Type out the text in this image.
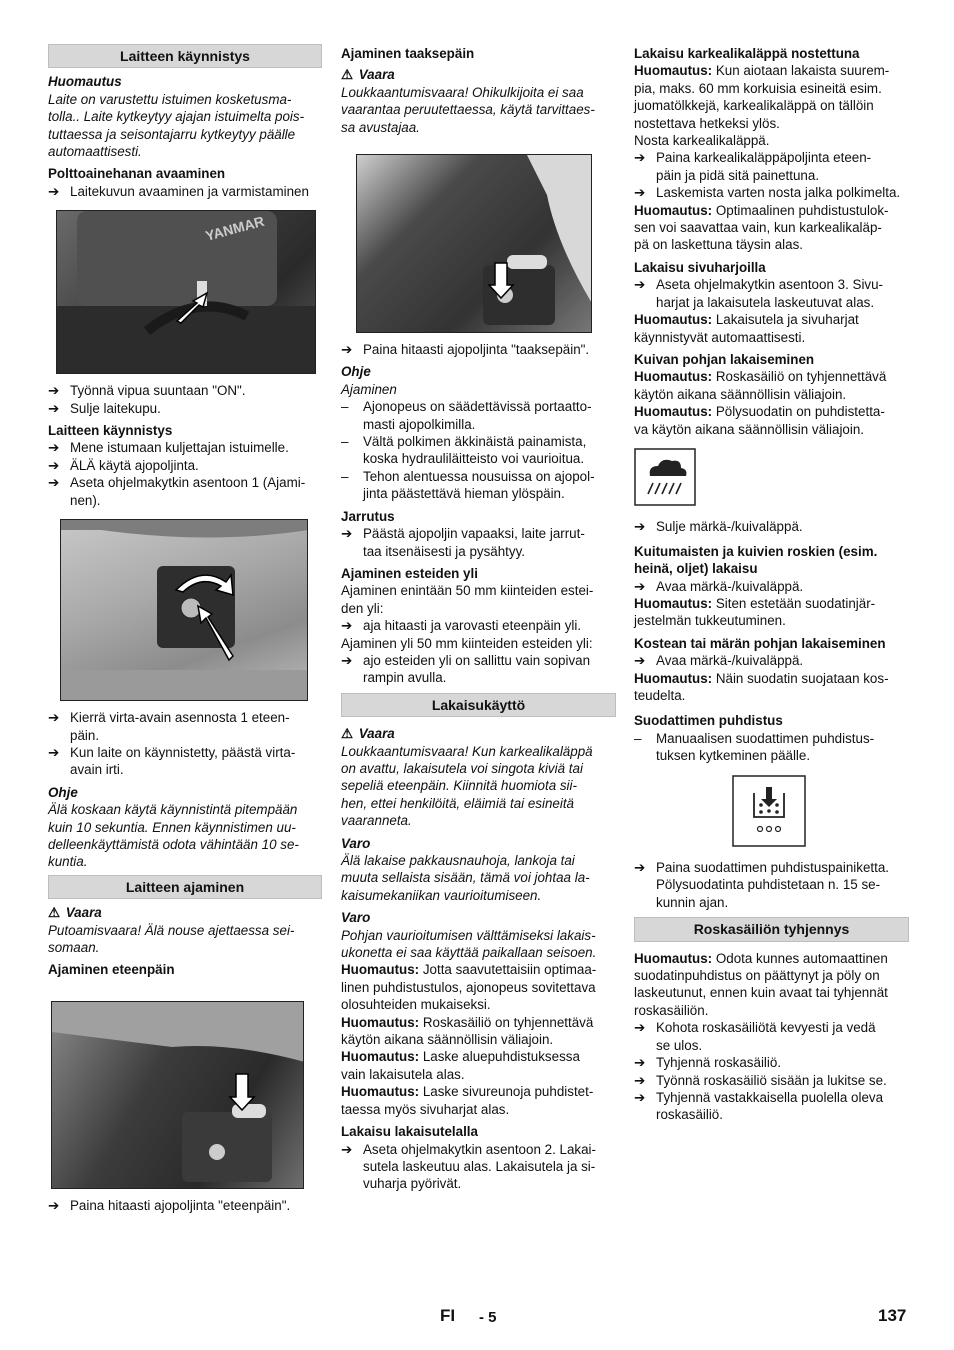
Laitteen käynnistys
Huomautus

Laite on varustettu istuimen kosketusma-

tolla.. Laite kytkeytyy ajajan istuimelta pois-

tuttaessa ja seisontajarru kytkeytyy päälle

automaattisesti.

Polttoainehanan avaaminen
➔ Laitekuvun avaaminen ja varmistaminen
YANMAR
➔ Työnnä vipua suuntaan "ON".
➔ Sulje laitekupu.
Laitteen käynnistys
➔ Mene istumaan kuljettajan istuimelle.
➔ ÄLÄ käytä ajopoljinta.
➔ Aseta ohjelmakytkin asentoon 1 (Ajami-

nen).

➔ Kierrä virta-avain asennosta 1 eteen-

päin.

➔ Kun laite on käynnistetty, päästä virta-

avain irti.

Ohje

Älä koskaan käytä käynnistintä pitempään

kuin 10 sekuntia. Ennen käynnistimen uu-

delleenkäyttämistä odota vähintään 10 se-

kuntia.

Laitteen ajaminen
⚠ Vaara

Putoamisvaara! Älä nouse ajettaessa sei-

somaan.

Ajaminen eteenpäin
➔ Paina hitaasti ajopoljinta "eteenpäin".
Ajaminen taaksepäin
⚠ Vaara

Loukkaantumisvaara! Ohikulkijoita ei saa

vaarantaa peruutettaessa, käytä tarvittaes-

sa avustajaa.

➔ Paina hitaasti ajopoljinta "taaksepäin".
Ohje
Ajaminen
–	Ajonopeus on säädettävissä portaatto-

masti ajopolkimilla.

–	Vältä polkimen äkkinäistä painamista,

koska hydrauliläitteisto voi vaurioitua.

–	Tehon alentuessa nousuissa on ajopol-

jinta päästettävä hieman ylöspäin.

Jarrutus
➔ Päästä ajopoljin vapaaksi, laite jarrut-

taa itsenäisesti ja pysähtyy.

Ajaminen esteiden yli

Ajaminen enintään 50 mm kiinteiden estei-

den yli:

➔ aja hitaasti ja varovasti eteenpäin yli.
Ajaminen yli 50 mm kiinteiden esteiden yli:
➔ ajo esteiden yli on sallittu vain sopivan

rampin avulla.

Lakaisukäyttö
⚠ Vaara

Loukkaantumisvaara! Kun karkealikaläppä

on avattu, lakaisutela voi singota kiviä tai

sepeliä eteenpäin. Kiinnitä huomiota sii-

hen, ettei henkilöitä, eläimiä tai esineitä

vaaranneta.

Varo

Älä lakaise pakkausnauhoja, lankoja tai

muuta sellaista sisään, tämä voi johtaa la-

kaisumekaniikan vaurioitumiseen.

Varo

Pohjan vaurioitumisen välttämiseksi lakais-

ukonetta ei saa käyttää paikallaan seisoen.

Huomautus: Jotta saavutettaisiin optimaa-

linen puhdistustulos, ajonopeus sovitettava

olosuhteiden mukaiseksi.

Huomautus: Roskasäiliö on tyhjennettävä

käytön aikana säännöllisin väliajoin.

Huomautus: Laske aluepuhdistuksessa

vain lakaisutela alas.

Huomautus: Laske sivureunoja puhdistet-

taessa myös sivuharjat alas.

Lakaisu lakaisutelalla
➔ Aseta ohjelmakytkin asentoon 2. Lakai-

sutela laskeutuu alas. Lakaisutela ja si-

vuharja pyörivät.

Lakaisu karkealikaläppä nostettuna

Huomautus: Kun aiotaan lakaista suurem-

pia, maks. 60 mm korkuisia esineitä esim.

juomatölkkejä, karkealikaläppä on tällöin

nostettava hetkeksi ylös.

Nosta karkealikaläppä.
➔ Paina karkealikaläppäpoljinta eteen-

päin ja pidä sitä painettuna.

➔ Laskemista varten nosta jalka polkimelta.

Huomautus: Optimaalinen puhdistustulok-

sen voi saavattaa vain, kun karkealikaläp-

pä on laskettuna täysin alas.

Lakaisu sivuharjoilla
➔ Aseta ohjelmakytkin asentoon 3. Sivu-

harjat ja lakaisutela laskeutuvat alas.

Huomautus: Lakaisutela ja sivuharjat

käynnistyvät automaattisesti.

Kuivan pohjan lakaiseminen

Huomautus: Roskasäiliö on tyhjennettävä

käytön aikana säännöllisin väliajoin.

Huomautus: Pölysuodatin on puhdistetta-

va käytön aikana säännöllisin väliajoin.

➔ Sulje märkä-/kuivaläppä.

Kuitumaisten ja kuivien roskien (esim.

heinä, oljet) lakaisu

➔ Avaa märkä-/kuivaläppä.

Huomautus: Siten estetään suodatinjär-

jestelmän tukkeutuminen.

Kostean tai märän pohjan lakaiseminen
➔ Avaa märkä-/kuivaläppä.

Huomautus: Näin suodatin suojataan kos-

teudelta.

Suodattimen puhdistus
–	Manuaalisen suodattimen puhdistus-

tuksen kytkeminen päälle.

➔ Paina suodattimen puhdistuspainiketta.

Pölysuodatinta puhdistetaan n. 15 se-

kunnin ajan.

Roskasäiliön tyhjennys

Huomautus: Odota kunnes automaattinen

suodatinpuhdistus on päättynyt ja pöly on

laskeutunut, ennen kuin avaat tai tyhjennät

roskasäiliön.

➔ Kohota roskasäiliötä kevyesti ja vedä

se ulos.

➔ Tyhjennä roskasäiliö.
➔ Työnnä roskasäiliö sisään ja lukitse se.
➔ Tyhjennä vastakkaisella puolella oleva

roskasäiliö.

FI - 5	137
